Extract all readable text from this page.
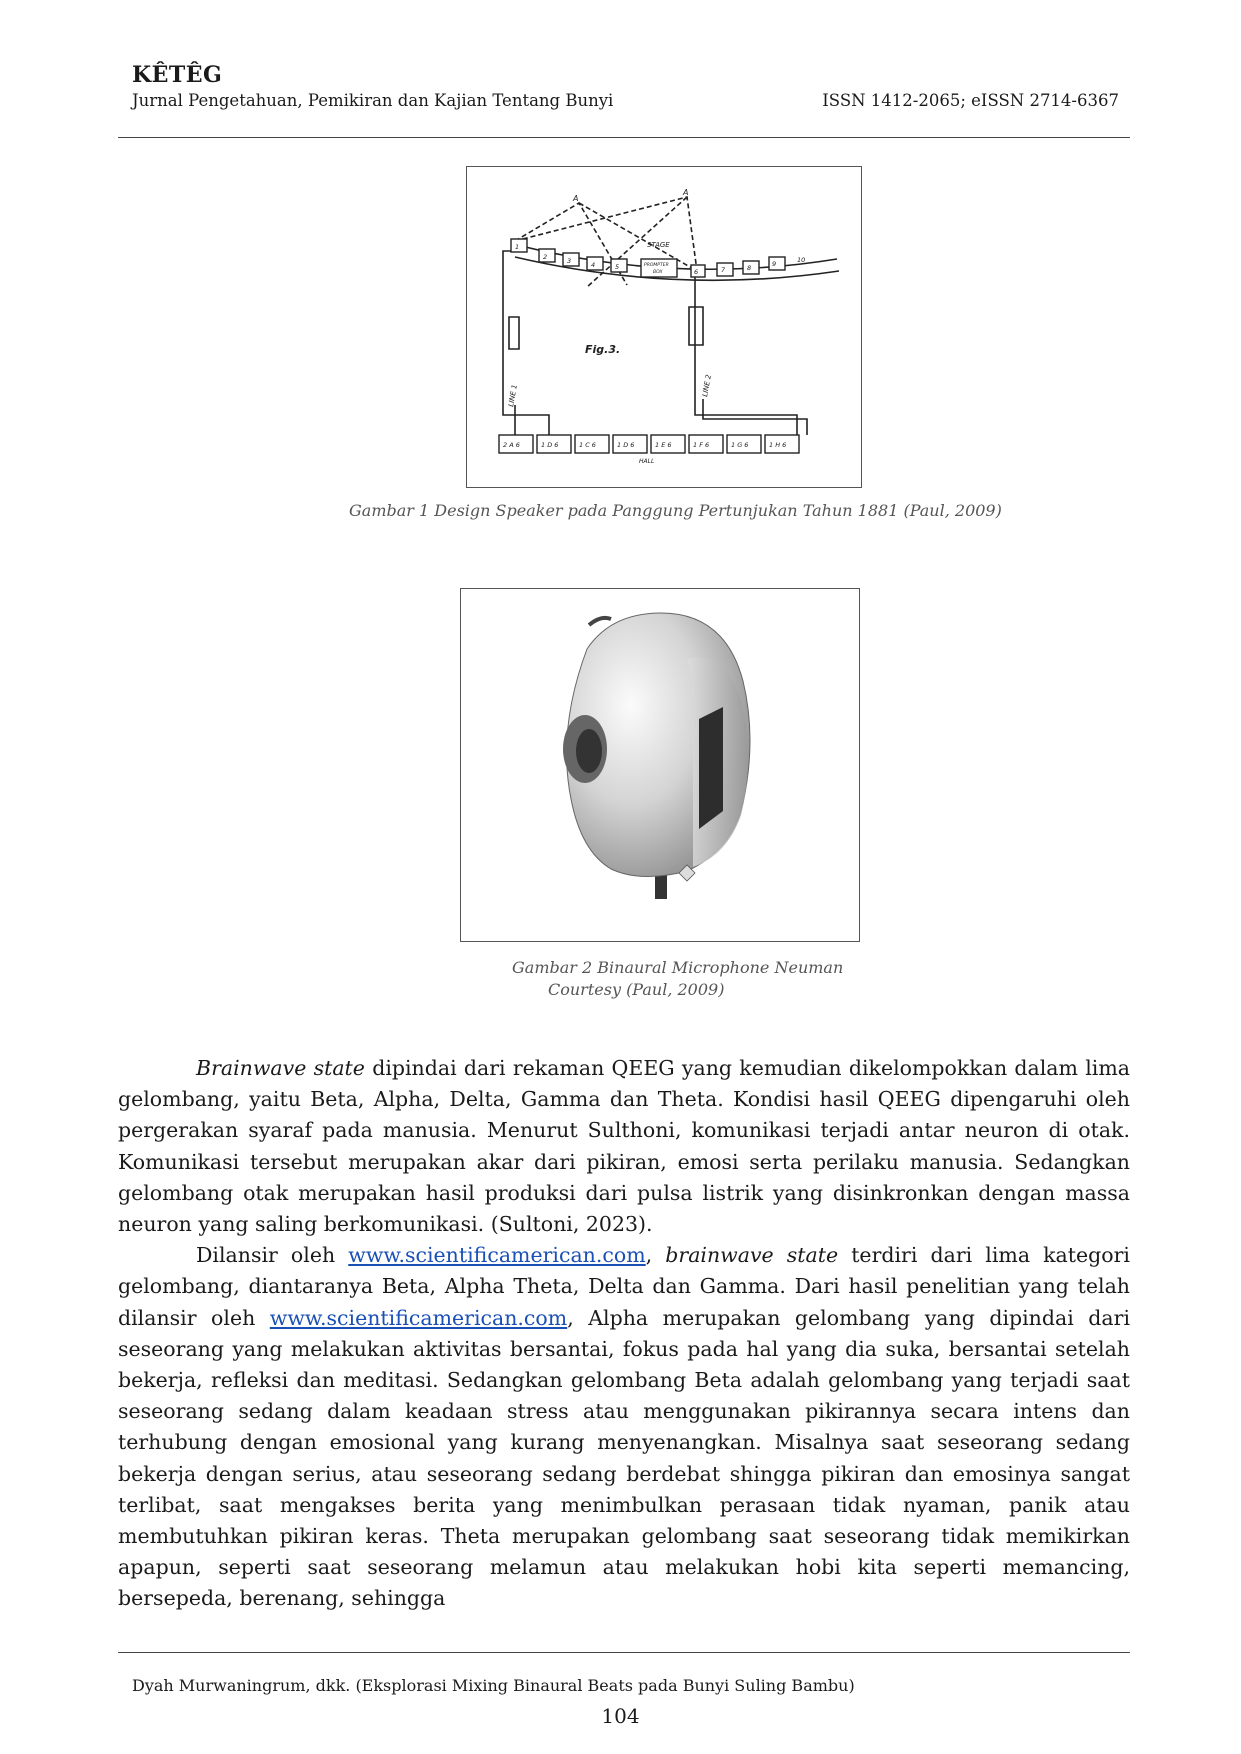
KÊTÊG
Jurnal Pengetahuan, Pemikiran dan Kajian Tentang Bunyi	ISSN 1412-2065; eISSN 2714-6367
A
A
STAGE
PROMPTER
BOX
Fig.3.
HALL
LINE 1	LINE 2
1
2	3	4	5
6	7	8	9	10
2 A 6	1 D 6	1 C 6	1 D 6	1 E 6	1 F 6	1 G 6	1 H 6
Gambar 1 Design Speaker pada Panggung Pertunjukan Tahun 1881 (Paul, 2009)
Gambar 2 Binaural Microphone Neuman
Courtesy (Paul, 2009)

Brainwave state dipindai dari rekaman QEEG yang kemudian dikelompokkan dalam lima gelombang, yaitu Beta, Alpha, Delta, Gamma dan Theta. Kondisi hasil QEEG dipengaruhi oleh pergerakan syaraf pada manusia. Menurut Sulthoni, komunikasi terjadi antar neuron di otak. Komunikasi tersebut merupakan akar dari pikiran, emosi serta perilaku manusia. Sedangkan gelombang otak merupakan hasil produksi dari pulsa listrik yang disinkronkan dengan massa neuron yang saling berkomunikasi. (Sultoni, 2023).

Dilansir oleh www.scientificamerican.com, brainwave state terdiri dari lima kategori gelombang, diantaranya Beta, Alpha Theta, Delta dan Gamma. Dari hasil penelitian yang telah dilansir oleh www.scientificamerican.com, Alpha merupakan gelombang yang dipindai dari seseorang yang melakukan aktivitas bersantai, fokus pada hal yang dia suka, bersantai setelah bekerja, refleksi dan meditasi. Sedangkan gelombang Beta adalah gelombang yang terjadi saat seseorang sedang dalam keadaan stress atau menggunakan pikirannya secara intens dan terhubung dengan emosional yang kurang menyenangkan. Misalnya saat seseorang sedang bekerja dengan serius, atau seseorang sedang berdebat shingga pikiran dan emosinya sangat terlibat, saat mengakses berita yang menimbulkan perasaan tidak nyaman, panik atau membutuhkan pikiran keras. Theta merupakan gelombang saat seseorang tidak memikirkan apapun, seperti saat seseorang melamun atau melakukan hobi kita seperti memancing, bersepeda, berenang, sehingga

Dyah Murwaningrum, dkk. (Eksplorasi Mixing Binaural Beats pada Bunyi Suling Bambu)
104
